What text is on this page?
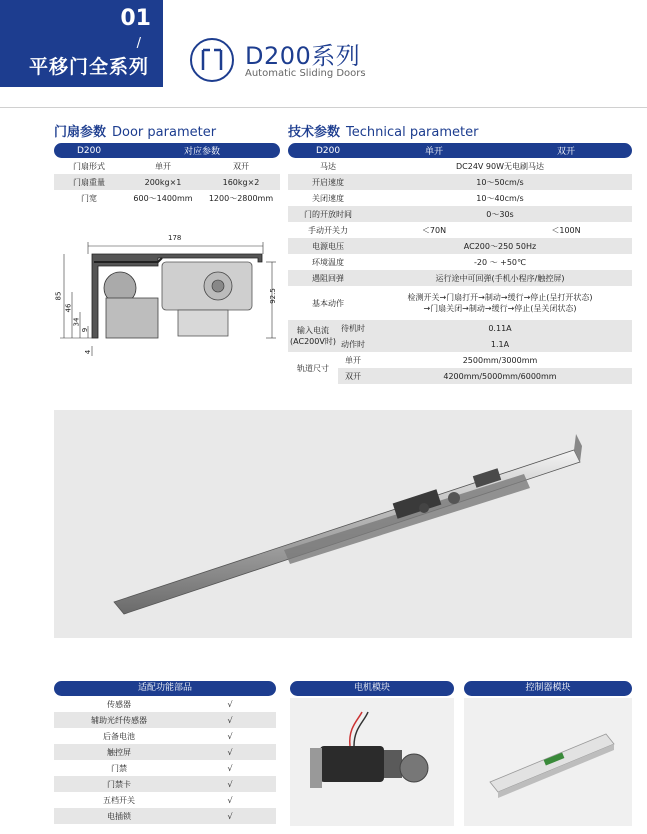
01
/
平移门全系列	D200系列
Automatic Sliding Doors
门扇参数 Door parameter
D200	对应参数	
门扇形式	单开	双开
门扇重量	200kg×1	160kg×2
门宽	600～1400mm	1200～2800mm
178
85
46
34
9
4
92.5
技术参数 Technical parameter
D200		单开	双开
马达		DC24V 90W无电刷马达	
开启速度		10～50cm/s	
关闭速度		10～40cm/s	
门的开放时间		0～30s	
手动开关力		＜70N	＜100N
电源电压		AC200～250 50Hz	
环境温度		-20 ～ +50℃	
遇阻回弹		运行途中可回弹(手机小程序/触控屏)	
基本动作		检测开关→门扇打开→制动→缓行→停止(呈打开状态)
→门扇关闭→制动→缓行→停止(呈关闭状态)	

输入电流(AC200V时)	待机时	0.11A	
	动作时	1.1A	
轨道尺寸	单开	2500mm/3000mm	
	双开	4200mm/5000mm/6000mm	
适配功能部品
传感器	√
辅助光纤传感器	√
后备电池	√
触控屏	√
门禁	√
门禁卡	√
五档开关	√
电插锁	√
电机模块	控制器模块
